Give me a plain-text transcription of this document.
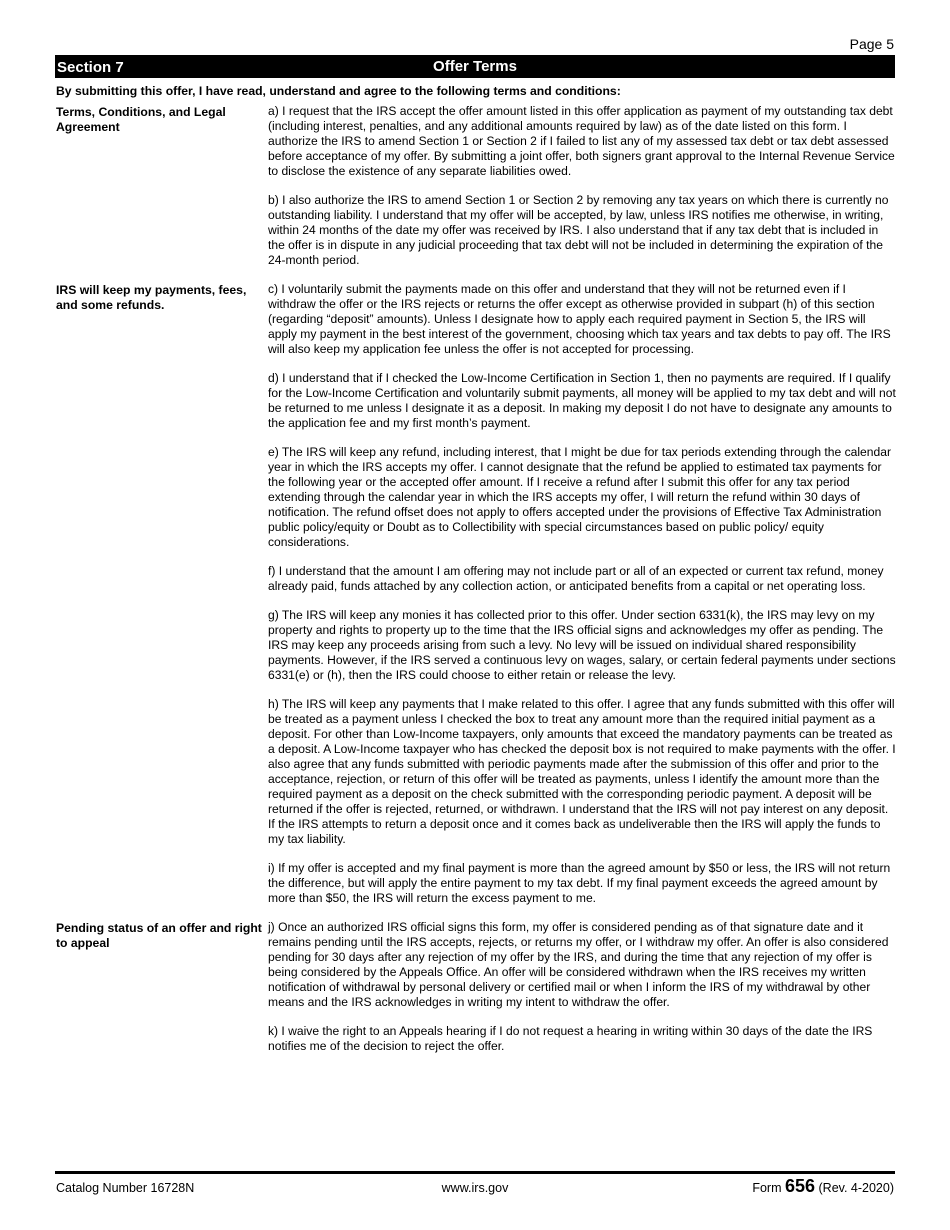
Page 5
Section 7	Offer Terms
By submitting this offer, I have read, understand and agree to the following terms and conditions:
Terms, Conditions, and Legal Agreement

a) I request that the IRS accept the offer amount listed in this offer application as payment of my outstanding tax debt (including interest, penalties, and any additional amounts required by law) as of the date listed on this form. I authorize the IRS to amend Section 1 or Section 2 if I failed to list any of my assessed tax debt or tax debt assessed before acceptance of my offer. By submitting a joint offer, both signers grant approval to the Internal Revenue Service to disclose the existence of any separate liabilities owed.

b) I also authorize the IRS to amend Section 1 or Section 2 by removing any tax years on which there is currently no outstanding liability. I understand that my offer will be accepted, by law, unless IRS notifies me otherwise, in writing, within 24 months of the date my offer was received by IRS. I also understand that if any tax debt that is included in the offer is in dispute in any judicial proceeding that tax debt will not be included in determining the expiration of the 24-month period.

IRS will keep my payments, fees, and some refunds.

c) I voluntarily submit the payments made on this offer and understand that they will not be returned even if I withdraw the offer or the IRS rejects or returns the offer except as otherwise provided in subpart (h) of this section (regarding “deposit” amounts). Unless I designate how to apply each required payment in Section 5, the IRS will apply my payment in the best interest of the government, choosing which tax years and tax debts to pay off. The IRS will also keep my application fee unless the offer is not accepted for processing.

d) I understand that if I checked the Low-Income Certification in Section 1, then no payments are required. If I qualify for the Low-Income Certification and voluntarily submit payments, all money will be applied to my tax debt and will not be returned to me unless I designate it as a deposit. In making my deposit I do not have to designate any amounts to the application fee and my first month’s payment.

e) The IRS will keep any refund, including interest, that I might be due for tax periods extending through the calendar year in which the IRS accepts my offer. I cannot designate that the refund be applied to estimated tax payments for the following year or the accepted offer amount. If I receive a refund after I submit this offer for any tax period extending through the calendar year in which the IRS accepts my offer, I will return the refund within 30 days of notification. The refund offset does not apply to offers accepted under the provisions of Effective Tax Administration public policy/equity or Doubt as to Collectibility with special circumstances based on public policy/ equity considerations.

f) I understand that the amount I am offering may not include part or all of an expected or current tax refund, money already paid, funds attached by any collection action, or anticipated benefits from a capital or net operating loss.

g) The IRS will keep any monies it has collected prior to this offer. Under section 6331(k), the IRS may levy on my property and rights to property up to the time that the IRS official signs and acknowledges my offer as pending. The IRS may keep any proceeds arising from such a levy. No levy will be issued on individual shared responsibility payments. However, if the IRS served a continuous levy on wages, salary, or certain federal payments under sections 6331(e) or (h), then the IRS could choose to either retain or release the levy.

h) The IRS will keep any payments that I make related to this offer. I agree that any funds submitted with this offer will be treated as a payment unless I checked the box to treat any amount more than the required initial payment as a deposit. For other than Low-Income taxpayers, only amounts that exceed the mandatory payments can be treated as a deposit. A Low-Income taxpayer who has checked the deposit box is not required to make payments with the offer. I also agree that any funds submitted with periodic payments made after the submission of this offer and prior to the acceptance, rejection, or return of this offer will be treated as payments, unless I identify the amount more than the required payment as a deposit on the check submitted with the corresponding periodic payment. A deposit will be returned if the offer is rejected, returned, or withdrawn. I understand that the IRS will not pay interest on any deposit. If the IRS attempts to return a deposit once and it comes back as undeliverable then the IRS will apply the funds to my tax liability.

i) If my offer is accepted and my final payment is more than the agreed amount by $50 or less, the IRS will not return the difference, but will apply the entire payment to my tax debt. If my final payment exceeds the agreed amount by more than $50, the IRS will return the excess payment to me.

Pending status of an offer and right to appeal

j) Once an authorized IRS official signs this form, my offer is considered pending as of that signature date and it remains pending until the IRS accepts, rejects, or returns my offer, or I withdraw my offer. An offer is also considered pending for 30 days after any rejection of my offer by the IRS, and during the time that any rejection of my offer is being considered by the Appeals Office. An offer will be considered withdrawn when the IRS receives my written notification of withdrawal by personal delivery or certified mail or when I inform the IRS of my withdrawal by other means and the IRS acknowledges in writing my intent to withdraw the offer.

k) I waive the right to an Appeals hearing if I do not request a hearing in writing within 30 days of the date the IRS notifies me of the decision to reject the offer.

Catalog Number 16728N	www.irs.gov	Form 656 (Rev. 4-2020)
